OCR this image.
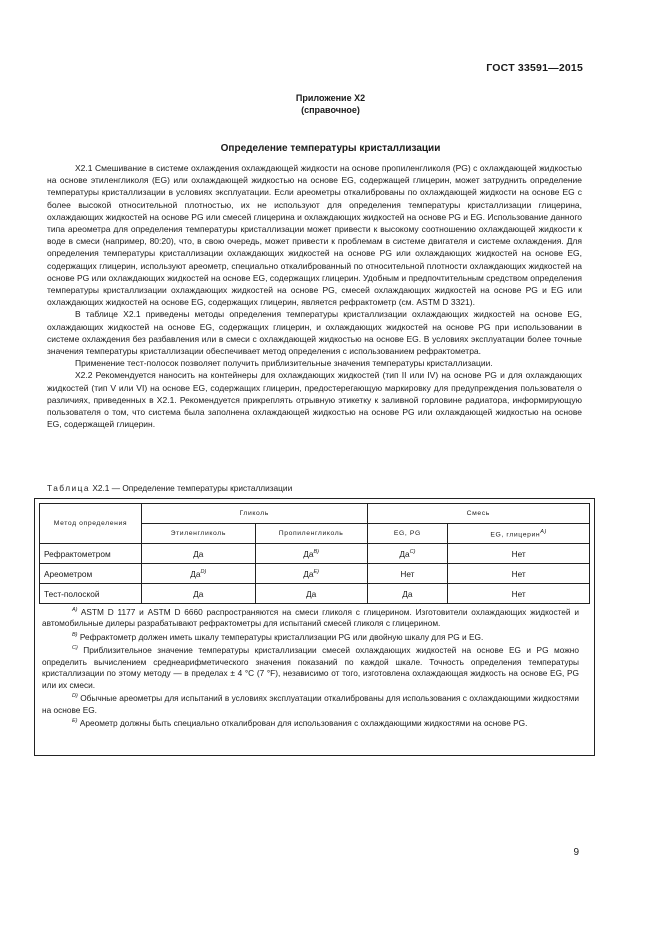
ГОСТ 33591—2015
Приложение Х2
(справочное)
Определение температуры кристаллизации

X2.1 Смешивание в системе охлаждения охлаждающей жидкости на основе пропиленгликоля (PG) с охлаждающей жидкостью на основе этиленгликоля (EG) или охлаждающей жидкостью на основе EG, содержащей глицерин, может затруднить определение температуры кристаллизации в условиях эксплуатации. Если ареометры откалиброваны по охлаждающей жидкости на основе EG с более высокой относительной плотностью, их не используют для определения температуры кристаллизации глицерина, охлаждающих жидкостей на основе PG или смесей глицерина и охлаждающих жидкостей на основе PG и EG. Использование данного типа ареометра для определения температуры кристаллизации может привести к высокому соотношению охлаждающей жидкости к воде в смеси (например, 80:20), что, в свою очередь, может привести к проблемам в системе двигателя и системе охлаждения. Для определения температуры кристаллизации охлаждающих жидкостей на основе PG или охлаждающих жидкостей на основе EG, содержащих глицерин, используют ареометр, специально откалиброванный по относительной плотности охлаждающих жидкостей на основе PG или охлаждающих жидкостей на основе EG, содержащих глицерин. Удобным и предпочтительным средством определения температуры кристаллизации охлаждающих жидкостей на основе PG, смесей охлаждающих жидкостей на основе PG и EG или охлаждающих жидкостей на основе EG, содержащих глицерин, является рефрактометр (см. ASTM D 3321).

В таблице X2.1 приведены методы определения температуры кристаллизации охлаждающих жидкостей на основе EG, охлаждающих жидкостей на основе EG, содержащих глицерин, и охлаждающих жидкостей на основе PG при использовании в системе охлаждения без разбавления или в смеси с охлаждающей жидкостью на основе EG. В условиях эксплуатации более точные значения температуры кристаллизации обеспечивает метод определения с использованием рефрактометра.

Применение тест-полосок позволяет получить приблизительные значения температуры кристаллизации.

X2.2 Рекомендуется наносить на контейнеры для охлаждающих жидкостей (тип II или IV) на основе PG и для охлаждающих жидкостей (тип V или VI) на основе EG, содержащих глицерин, предостерегающую маркировку для предупреждения пользователя о различиях, приведенных в X2.1. Рекомендуется прикреплять отрывную этикетку к заливной горловине радиатора, информирующую пользователя о том, что система была заполнена охлаждающей жидкостью на основе PG или охлаждающей жидкостью на основе EG, содержащей глицерин.

Таблица X2.1 — Определение температуры кристаллизации
Метод определения	Гликоль		Смесь	
	Этиленгликоль	Пропиленгликоль	EG, PG	EG, глицерин$^{A)}$
Рефрактометром	Да	$Да^{B)}$	$Да^{C)}$	Нет
Ареометром	$Да^{D)}$	$Да^{E)}$	Нет	Нет
Тест-полоской	Да	Да	Да	Нет

$^{A)}$ ASTM D 1177 и ASTM D 6660 распространяются на смеси гликоля с глицерином. Изготовители охлаждающих жидкостей и автомобильные дилеры разрабатывают рефрактометры для испытаний смесей гликоля с глицерином.

$^{B)}$ Рефрактометр должен иметь шкалу температуры кристаллизации PG или двойную шкалу для PG и EG.

$^{C)}$ Приблизительное значение температуры кристаллизации смесей охлаждающих жидкостей на основе EG и PG можно определить вычислением среднеарифметического значения показаний по каждой шкале. Точность определения температуры кристаллизации по этому методу — в пределах ± 4 °С (7 °F), независимо от того, изготовлена охлаждающая жидкость на основе EG, PG или их смеси.

$^{D)}$ Обычные ареометры для испытаний в условиях эксплуатации откалиброваны для использования с охлаждающими жидкостями на основе EG.

$^{E)}$ Ареометр должны быть специально откалиброван для использования с охлаждающими жидкостями на основе PG.

9
